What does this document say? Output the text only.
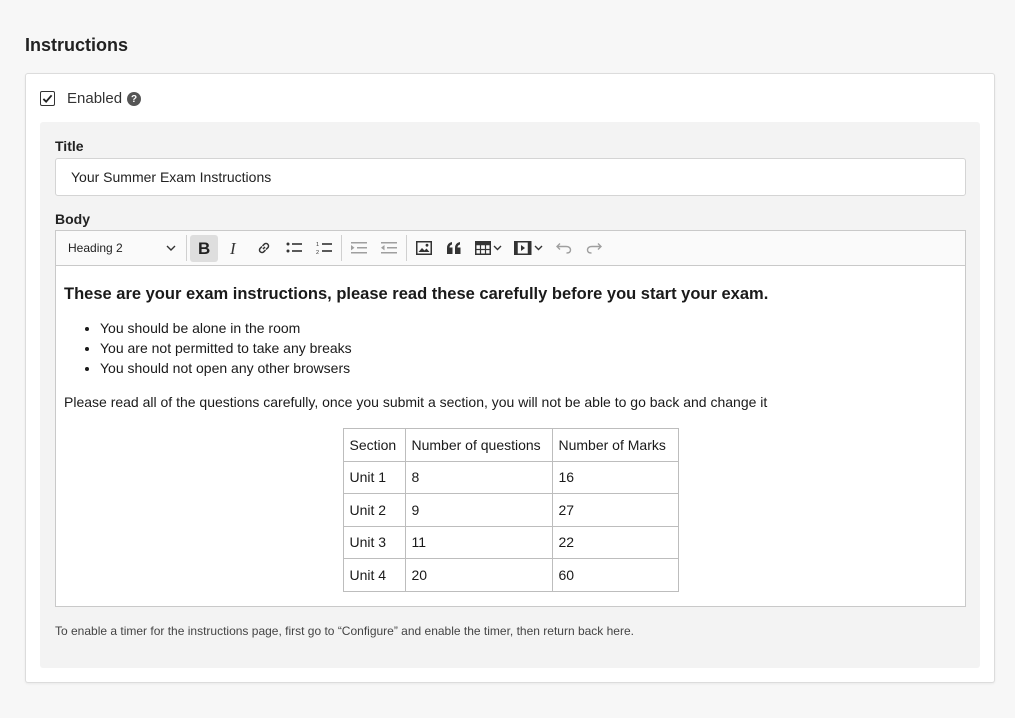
Instructions
Enabled ?
Title
Your Summer Exam Instructions
Body
Heading 2	B I	1
2
These are your exam instructions, please read these carefully before you start your exam.
• You should be alone in the room
• You are not permitted to take any breaks
• You should not open any other browsers

Please read all of the questions carefully, once you submit a section, you will not be able to go back and change it

Section	Number of questions	Number of Marks
Unit 1	8	16
Unit 2	9	27
Unit 3	11	22
Unit 4	20	60
To enable a timer for the instructions page, first go to “Configure” and enable the timer, then return back here.
